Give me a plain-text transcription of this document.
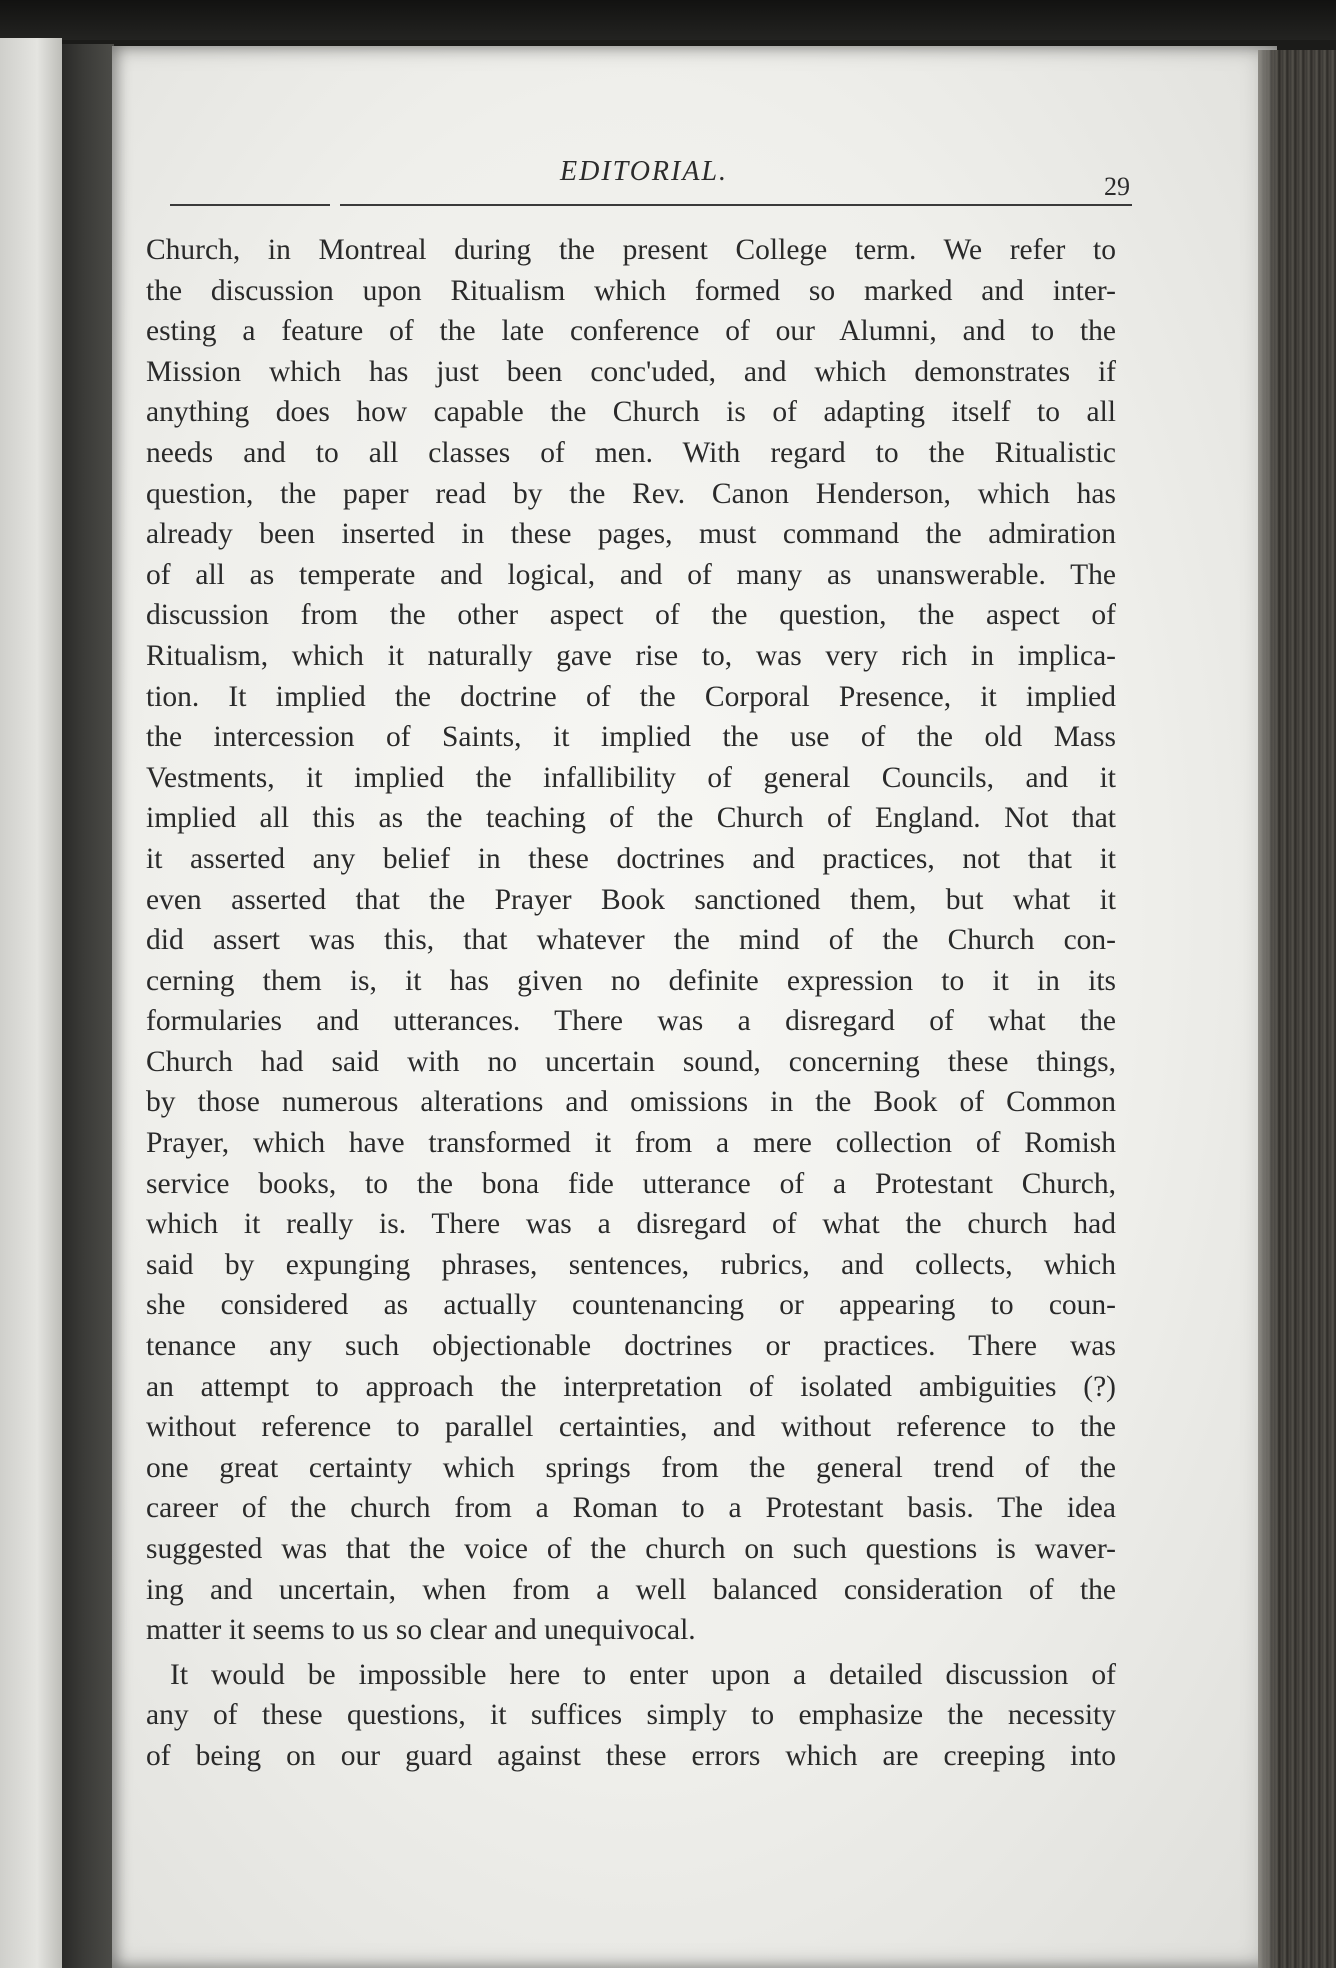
EDITORIAL.	29
Church, in Montreal during the present College term. We refer to
the discussion upon Ritualism which formed so marked and inter-
esting a feature of the late conference of our Alumni, and to the
Mission which has just been conc'uded, and which demonstrates if
anything does how capable the Church is of adapting itself to all
needs and to all classes of men. With regard to the Ritualistic
question, the paper read by the Rev. Canon Henderson, which has
already been inserted in these pages, must command the admiration
of all as temperate and logical, and of many as unanswerable. The
discussion from the other aspect of the question, the aspect of
Ritualism, which it naturally gave rise to, was very rich in implica-
tion. It implied the doctrine of the Corporal Presence, it implied
the intercession of Saints, it implied the use of the old Mass
Vestments, it implied the infallibility of general Councils, and it
implied all this as the teaching of the Church of England. Not that
it asserted any belief in these doctrines and practices, not that it
even asserted that the Prayer Book sanctioned them, but what it
did assert was this, that whatever the mind of the Church con-
cerning them is, it has given no definite expression to it in its
formularies and utterances. There was a disregard of what the
Church had said with no uncertain sound, concerning these things,
by those numerous alterations and omissions in the Book of Common
Prayer, which have transformed it from a mere collection of Romish
service books, to the bona fide utterance of a Protestant Church,
which it really is. There was a disregard of what the church had
said by expunging phrases, sentences, rubrics, and collects, which
she considered as actually countenancing or appearing to coun-
tenance any such objectionable doctrines or practices. There was
an attempt to approach the interpretation of isolated ambiguities (?)
without reference to parallel certainties, and without reference to the
one great certainty which springs from the general trend of the
career of the church from a Roman to a Protestant basis. The idea
suggested was that the voice of the church on such questions is waver-
ing and uncertain, when from a well balanced consideration of the
matter it seems to us so clear and unequivocal.
It would be impossible here to enter upon a detailed discussion of
any of these questions, it suffices simply to emphasize the necessity
of being on our guard against these errors which are creeping into
